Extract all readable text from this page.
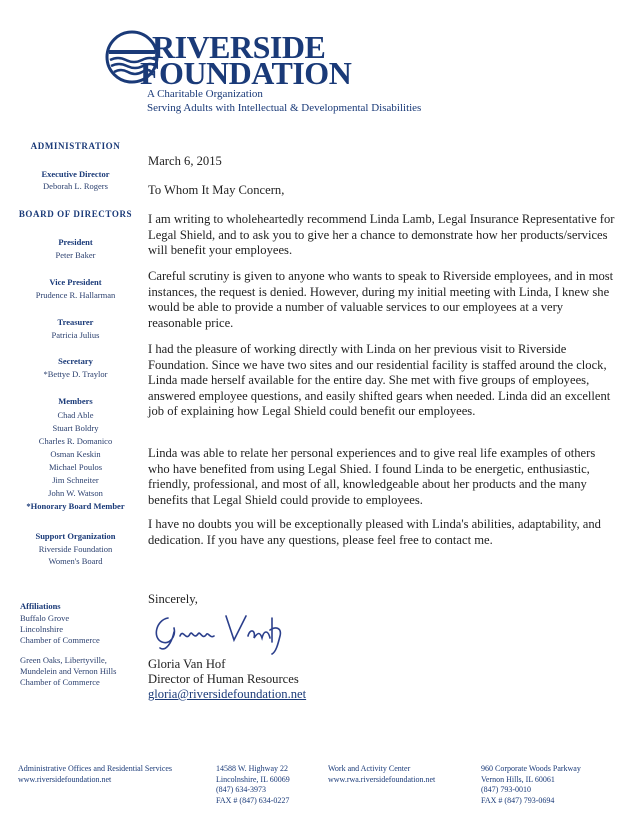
RIVERSIDE
FOUNDATION
A Charitable Organization
Serving Adults with Intellectual & Developmental Disabilities
ADMINISTRATION
Executive Director
Deborah L. Rogers
BOARD OF DIRECTORS
President
Peter Baker
Vice President
Prudence R. Hallarman
Treasurer
Patricia Julius
Secretary
*Bettye D. Traylor
Members
Chad Able
Stuart Boldry
Charles R. Domanico
Osman Keskin
Michael Poulos
Jim Schneiter
John W. Watson
*Honorary Board Member
Support Organization
Riverside Foundation
Women's Board
Affiliations
Buffalo Grove
Lincolnshire
Chamber of Commerce
Green Oaks, Libertyville,
Mundelein and Vernon Hills
Chamber of Commerce
March 6, 2015
To Whom It May Concern,
I am writing to wholeheartedly recommend Linda Lamb, Legal Insurance Representative for Legal Shield, and to ask you to give her a chance to demonstrate how her products/services will benefit your employees.
Careful scrutiny is given to anyone who wants to speak to Riverside employees, and in most instances, the request is denied. However, during my initial meeting with Linda, I knew she would be able to provide a number of valuable services to our employees at a very reasonable price.
I had the pleasure of working directly with Linda on her previous visit to Riverside Foundation. Since we have two sites and our residential facility is staffed around the clock, Linda made herself available for the entire day. She met with five groups of employees, answered employee questions, and easily shifted gears when needed. Linda did an excellent job of explaining how Legal Shield could benefit our employees.
Linda was able to relate her personal experiences and to give real life examples of others who have benefited from using Legal Shied. I found Linda to be energetic, enthusiastic, friendly, professional, and most of all, knowledgeable about her products and the many benefits that Legal Shield could provide to employees.
I have no doubts you will be exceptionally pleased with Linda's abilities, adaptability, and dedication. If you have any questions, please feel free to contact me.
Sincerely,
Gloria Van Hof
Director of Human Resources
gloria@riversidefoundation.net
Administrative Offices and Residential Services
www.riversidefoundation.net
14588 W. Highway 22
Lincolnshire, IL 60069
(847) 634-3973
FAX # (847) 634-0227
Work and Activity Center
www.rwa.riversidefoundation.net
960 Corporate Woods Parkway
Vernon Hills, IL 60061
(847) 793-0010
FAX # (847) 793-0694
